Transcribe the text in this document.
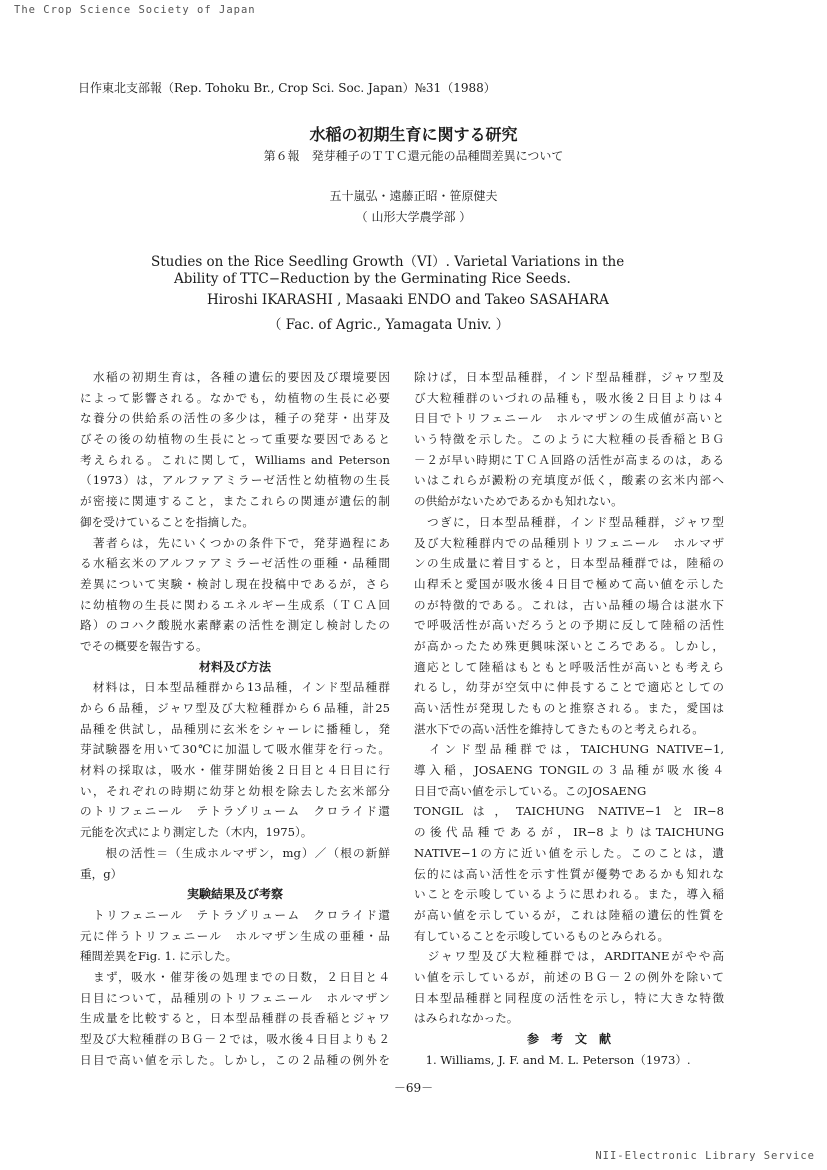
The Crop Science Society of Japan
日作東北支部報（Rep. Tohoku Br., Crop Sci. Soc. Japan）№31（1988）
水稲の初期生育に関する研究
第６報　発芽種子のＴＴＣ還元能の品種間差異について
五十嵐弘・遠藤正昭・笹原健夫
（ 山形大学農学部 ）
Studies on the Rice Seedling Growth（VI）. Varietal Variations in the
Ability of TTC−Reduction by the Germinating Rice Seeds.
Hiroshi IKARASHI , Masaaki ENDO and Takeo SASAHARA
（ Fac. of Agric., Yamagata Univ. ）
　水稲の初期生育は，各種の遺伝的要因及び環境要因
によって影響される。なかでも，幼植物の生長に必要
な養分の供給系の活性の多少は，種子の発芽・出芽及
びその後の幼植物の生長にとって重要な要因であると
考えられる。これに関して，Williams and Peterson
（1973）は，アルファアミラーゼ活性と幼植物の生長
が密接に関連すること，またこれらの関連が遺伝的制
御を受けていることを指摘した。
　著者らは，先にいくつかの条件下で，発芽過程にあ
る水稲玄米のアルファアミラーゼ活性の亜種・品種間
差異について実験・検討し現在投稿中であるが，さら
に幼植物の生長に関わるエネルギー生成系（ＴＣＡ回
路）のコハク酸脱水素酵素の活性を測定し検討したの
でその概要を報告する。
材料及び方法
　材料は，日本型品種群から13品種，インド型品種群
から６品種，ジャワ型及び大粒種群から６品種，計25
品種を供試し，品種別に玄米をシャーレに播種し，発
芽試験器を用いて30℃に加温して吸水催芽を行った。
材料の採取は，吸水・催芽開始後２日目と４日目に行
い，それぞれの時期に幼芽と幼根を除去した玄米部分
のトリフェニール　テトラゾリューム　クロライド還
元能を次式により測定した（木内，1975）。
　　根の活性＝（生成ホルマザン，mg）／（根の新鮮
重，g）
実験結果及び考察
　トリフェニール　テトラゾリューム　クロライド還
元に伴うトリフェニール　ホルマザン生成の亜種・品
種間差異をFig. 1. に示した。
　まず，吸水・催芽後の処理までの日数，２日目と４
日目について，品種別のトリフェニール　ホルマザン
生成量を比較すると，日本型品種群の長香稲とジャワ
型及び大粒種群のＢＧ－２では，吸水後４日目よりも２
日目で高い値を示した。しかし，この２品種の例外を
除けば，日本型品種群，インド型品種群，ジャワ型及
び大粒種群のいづれの品種も，吸水後２日目よりは４
日目でトリフェニール　ホルマザンの生成値が高いと
いう特徴を示した。このように大粒種の長香稲とＢＧ
－２が早い時期にＴＣＡ回路の活性が高まるのは，ある
いはこれらが澱粉の充填度が低く，酸素の玄米内部へ
の供給がないためであるかも知れない。
　つぎに，日本型品種群，インド型品種群，ジャワ型
及び大粒種群内での品種別トリフェニール　ホルマザ
ンの生成量に着目すると，日本型品種群では，陸稲の
山稈禾と愛国が吸水後４日目で極めて高い値を示した
のが特徴的である。これは，古い品種の場合は湛水下
で呼吸活性が高いだろうとの予期に反して陸稲の活性
が高かったため殊更興味深いところである。しかし，
適応として陸稲はもともと呼吸活性が高いとも考えら
れるし，幼芽が空気中に伸長することで適応としての
高い活性が発現したものと推察される。また，愛国は
湛水下での高い活性を維持してきたものと考えられる。
　インド型品種群では，TAICHUNG NATIVE−1,
導入稲，JOSAENG TONGILの３品種が吸水後４
日目で高い値を示している。このJOSAENG
TONGILは，TAICHUNG NATIVE−1とIR−8
の後代品種であるが，IR−8よりはTAICHUNG
NATIVE−1の方に近い値を示した。このことは，遺
伝的には高い活性を示す性質が優勢であるかも知れな
いことを示唆しているように思われる。また，導入稲
が高い値を示しているが，これは陸稲の遺伝的性質を
有していることを示唆しているものとみられる。
　ジャワ型及び大粒種群では，ARDITANEがやや高
い値を示しているが，前述のＢＧ－２の例外を除いて
日本型品種群と同程度の活性を示し，特に大きな特徴
はみられなかった。
参　考　文　献
　1. Williams, J. F. and M. L. Peterson（1973）.
－69－
NII-Electronic Library Service
